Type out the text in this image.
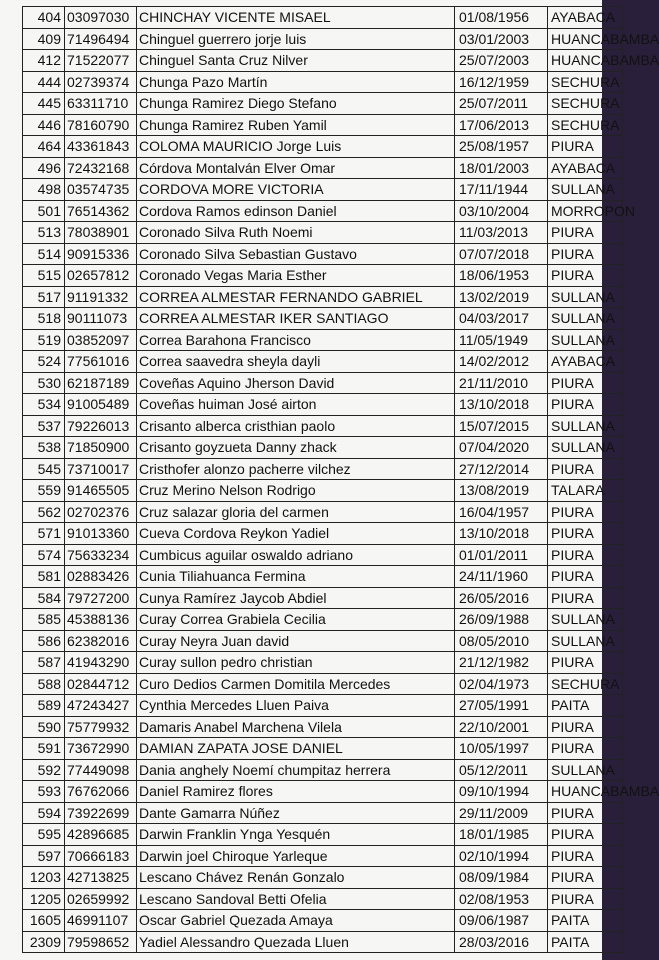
404	03097030	CHINCHAY VICENTE MISAEL	01/08/1956	AYABACA
409	71496494	Chinguel guerrero jorje luis	03/01/2003	HUANCABAMBA
412	71522077	Chinguel Santa Cruz Nilver	25/07/2003	HUANCABAMBA
444	02739374	Chunga Pazo Martín	16/12/1959	SECHURA
445	63311710	Chunga Ramirez Diego Stefano	25/07/2011	SECHURA
446	78160790	Chunga Ramirez Ruben Yamil	17/06/2013	SECHURA
464	43361843	COLOMA MAURICIO Jorge Luis	25/08/1957	PIURA
496	72432168	Córdova Montalván Elver Omar	18/01/2003	AYABACA
498	03574735	CORDOVA MORE VICTORIA	17/11/1944	SULLANA
501	76514362	Cordova Ramos edinson Daniel	03/10/2004	MORROPON
513	78038901	Coronado Silva Ruth Noemi	11/03/2013	PIURA
514	90915336	Coronado Silva Sebastian Gustavo	07/07/2018	PIURA
515	02657812	Coronado Vegas Maria Esther	18/06/1953	PIURA
517	91191332	CORREA ALMESTAR FERNANDO GABRIEL	13/02/2019	SULLANA
518	90111073	CORREA ALMESTAR IKER SANTIAGO	04/03/2017	SULLANA
519	03852097	Correa Barahona Francisco	11/05/1949	SULLANA
524	77561016	Correa saavedra sheyla dayli	14/02/2012	AYABACA
530	62187189	Coveñas Aquino Jherson David	21/11/2010	PIURA
534	91005489	Coveñas huiman José airton	13/10/2018	PIURA
537	79226013	Crisanto alberca cristhian paolo	15/07/2015	SULLANA
538	71850900	Crisanto goyzueta Danny zhack	07/04/2020	SULLANA
545	73710017	Cristhofer alonzo pacherre vilchez	27/12/2014	PIURA
559	91465505	Cruz Merino Nelson Rodrigo	13/08/2019	TALARA
562	02702376	Cruz salazar gloria del carmen	16/04/1957	PIURA
571	91013360	Cueva Cordova Reykon Yadiel	13/10/2018	PIURA
574	75633234	Cumbicus aguilar oswaldo adriano	01/01/2011	PIURA
581	02883426	Cunia Tiliahuanca Fermina	24/11/1960	PIURA
584	79727200	Cunya Ramírez Jaycob Abdiel	26/05/2016	PIURA
585	45388136	Curay Correa Grabiela Cecilia	26/09/1988	SULLANA
586	62382016	Curay Neyra Juan david	08/05/2010	SULLANA
587	41943290	Curay sullon pedro christian	21/12/1982	PIURA
588	02844712	Curo Dedios Carmen Domitila Mercedes	02/04/1973	SECHURA
589	47243427	Cynthia Mercedes Lluen Paiva	27/05/1991	PAITA
590	75779932	Damaris Anabel Marchena Vilela	22/10/2001	PIURA
591	73672990	DAMIAN ZAPATA JOSE DANIEL	10/05/1997	PIURA
592	77449098	Dania anghely Noemí chumpitaz herrera	05/12/2011	SULLANA
593	76762066	Daniel Ramirez flores	09/10/1994	HUANCABAMBA
594	73922699	Dante Gamarra Núñez	29/11/2009	PIURA
595	42896685	Darwin Franklin Ynga Yesquén	18/01/1985	PIURA
597	70666183	Darwin joel Chiroque Yarleque	02/10/1994	PIURA
1203	42713825	Lescano Chávez Renán Gonzalo	08/09/1984	PIURA
1205	02659992	Lescano Sandoval Betti Ofelia	02/08/1953	PIURA
1605	46991107	Oscar Gabriel Quezada Amaya	09/06/1987	PAITA
2309	79598652	Yadiel Alessandro Quezada Lluen	28/03/2016	PAITA
